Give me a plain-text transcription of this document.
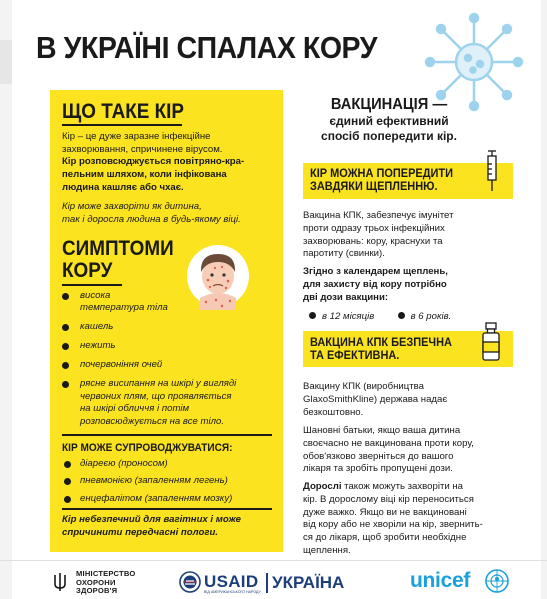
В УКРАЇНІ СПАЛАХ КОРУ
ЩО ТАКЕ КІР
Кір – це дуже заразне інфекційне
захворювання, спричинене вірусом.
Кір розповсюджується повітряно-кра-
пельним шляхом, коли інфікована
людина кашляє або чхає.
Кір може захворіти як дитина,
так і доросла людина в будь-якому віці.
СИМПТОМИ
КОРУ
висока
температура тіла
кашель
нежить
почервоніння очей
рясне висипання на шкірі у вигляді
червоних плям, що проявляється
на шкірі обличчя і потім
розповсюджується на все тіло.
КІР МОЖЕ СУПРОВОДЖУВАТИСЯ:
діареєю (проносом)
пневмонією (запаленням легень)
енцефалітом (запаленням мозку)
Кір небезпечний для вагітних і може
спричинити передчасні пологи.
ВАКЦИНАЦІЯ —
єдиний ефективний
спосіб попередити кір.
КІР МОЖНА ПОПЕРЕДИТИ
ЗАВДЯКИ ЩЕПЛЕННЮ.
Вакцина КПК, забезпечує імунітет
проти одразу трьох інфекційних
захворювань: кору, краснухи та
паротиту (свинки).
Згідно з календарем щеплень,
для захисту від кору потрібно
дві дози вакцини:
в 12 місяців	в 6 років.
ВАКЦИНА КПК БЕЗПЕЧНА
ТА ЕФЕКТИВНА.
Вакцину КПК (виробництва
GlaxoSmithKline) держава надає
безкоштовно.
Шановні батьки, якщо ваша дитина
своєчасно не вакцинована проти кору,
обов'язково зверніться до вашого
лікаря та зробіть пропущені дози.
Дорослі також можуть захворіти на
кір. В дорослому віці кір переноситься
дуже важко. Якщо ви не вакциновані
від кору або не хворіли на кір, звернить-
ся до лікаря, щоб зробити необхідне
щеплення.
МІНІСТЕРСТВО
ОХОРОНИ
ЗДОРОВ'Я	USAID
ВІД АМЕРИКАНСЬКОГО НАРОДУ УКРАЇНА	unicef
